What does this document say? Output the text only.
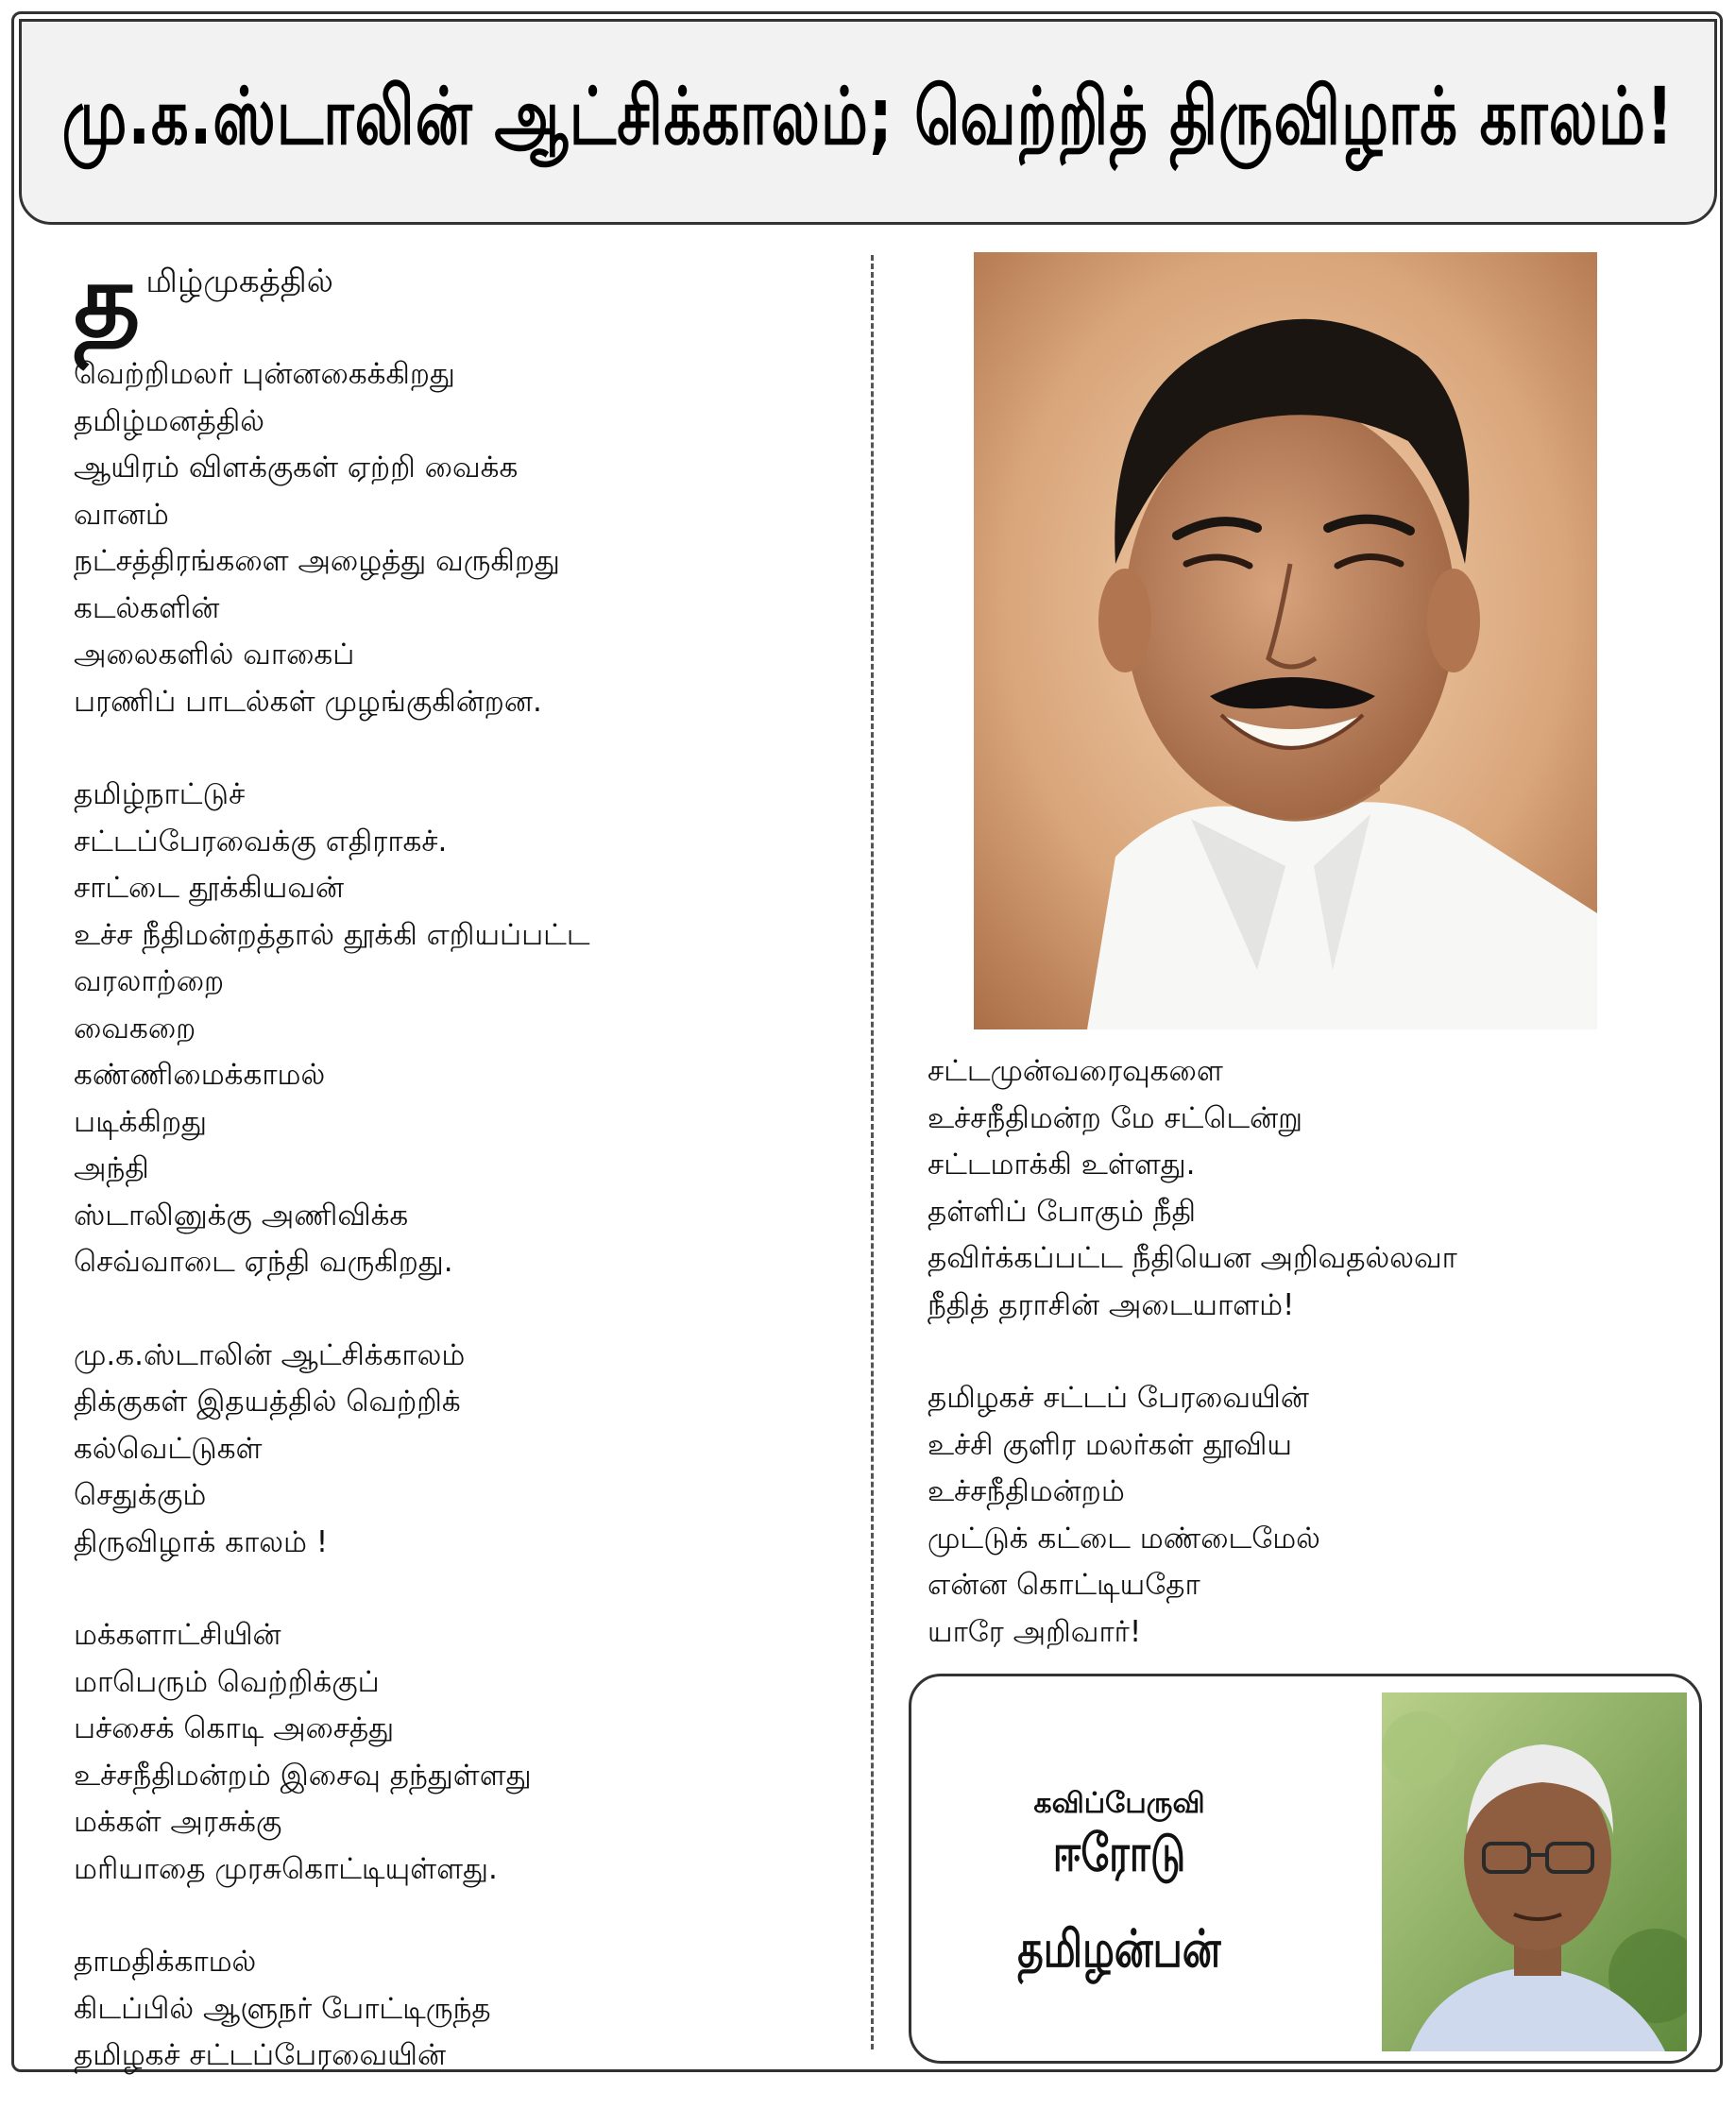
மு.க.ஸ்டாலின் ஆட்சிக்காலம்; வெற்றித் திருவிழாக் காலம்!
த மிழ்முகத்தில்
வெற்றிமலர் புன்னகைக்கிறது
தமிழ்மனத்தில்
ஆயிரம் விளக்குகள் ஏற்றி வைக்க
வானம்
நட்சத்திரங்களை அழைத்து வருகிறது
கடல்களின்
அலைகளில் வாகைப்
பரணிப் பாடல்கள் முழங்குகின்றன.
தமிழ்நாட்டுச்
சட்டப்பேரவைக்கு எதிராகச்.
சாட்டை தூக்கியவன்
உச்ச நீதிமன்றத்தால் தூக்கி எறியப்பட்ட
வரலாற்றை
வைகறை
கண்ணிமைக்காமல்
படிக்கிறது
அந்தி
ஸ்டாலினுக்கு அணிவிக்க
செவ்வாடை ஏந்தி வருகிறது.
மு.க.ஸ்டாலின் ஆட்சிக்காலம்
திக்குகள் இதயத்தில் வெற்றிக்
கல்வெட்டுகள்
செதுக்கும்
திருவிழாக் காலம் !
மக்களாட்சியின்
மாபெரும் வெற்றிக்குப்
பச்சைக் கொடி அசைத்து
உச்சநீதிமன்றம் இசைவு தந்துள்ளது
மக்கள் அரசுக்கு
மரியாதை முரசுகொட்டியுள்ளது.
தாமதிக்காமல்
கிடப்பில் ஆளுநர் போட்டிருந்த
தமிழகச் சட்டப்பேரவையின்
சட்டமுன்வரைவுகளை
உச்சநீதிமன்ற மே சட்டென்று
சட்டமாக்கி உள்ளது.
தள்ளிப் போகும் நீதி
தவிர்க்கப்பட்ட நீதியென அறிவதல்லவா
நீதித் தராசின் அடையாளம்!
தமிழகச் சட்டப் பேரவையின்
உச்சி குளிர மலர்கள் தூவிய
உச்சநீதிமன்றம்
முட்டுக் கட்டை மண்டைமேல்
என்ன கொட்டியதோ
யாரே அறிவார்!
கவிப்பேருவி
ஈரோடு தமிழன்பன்
